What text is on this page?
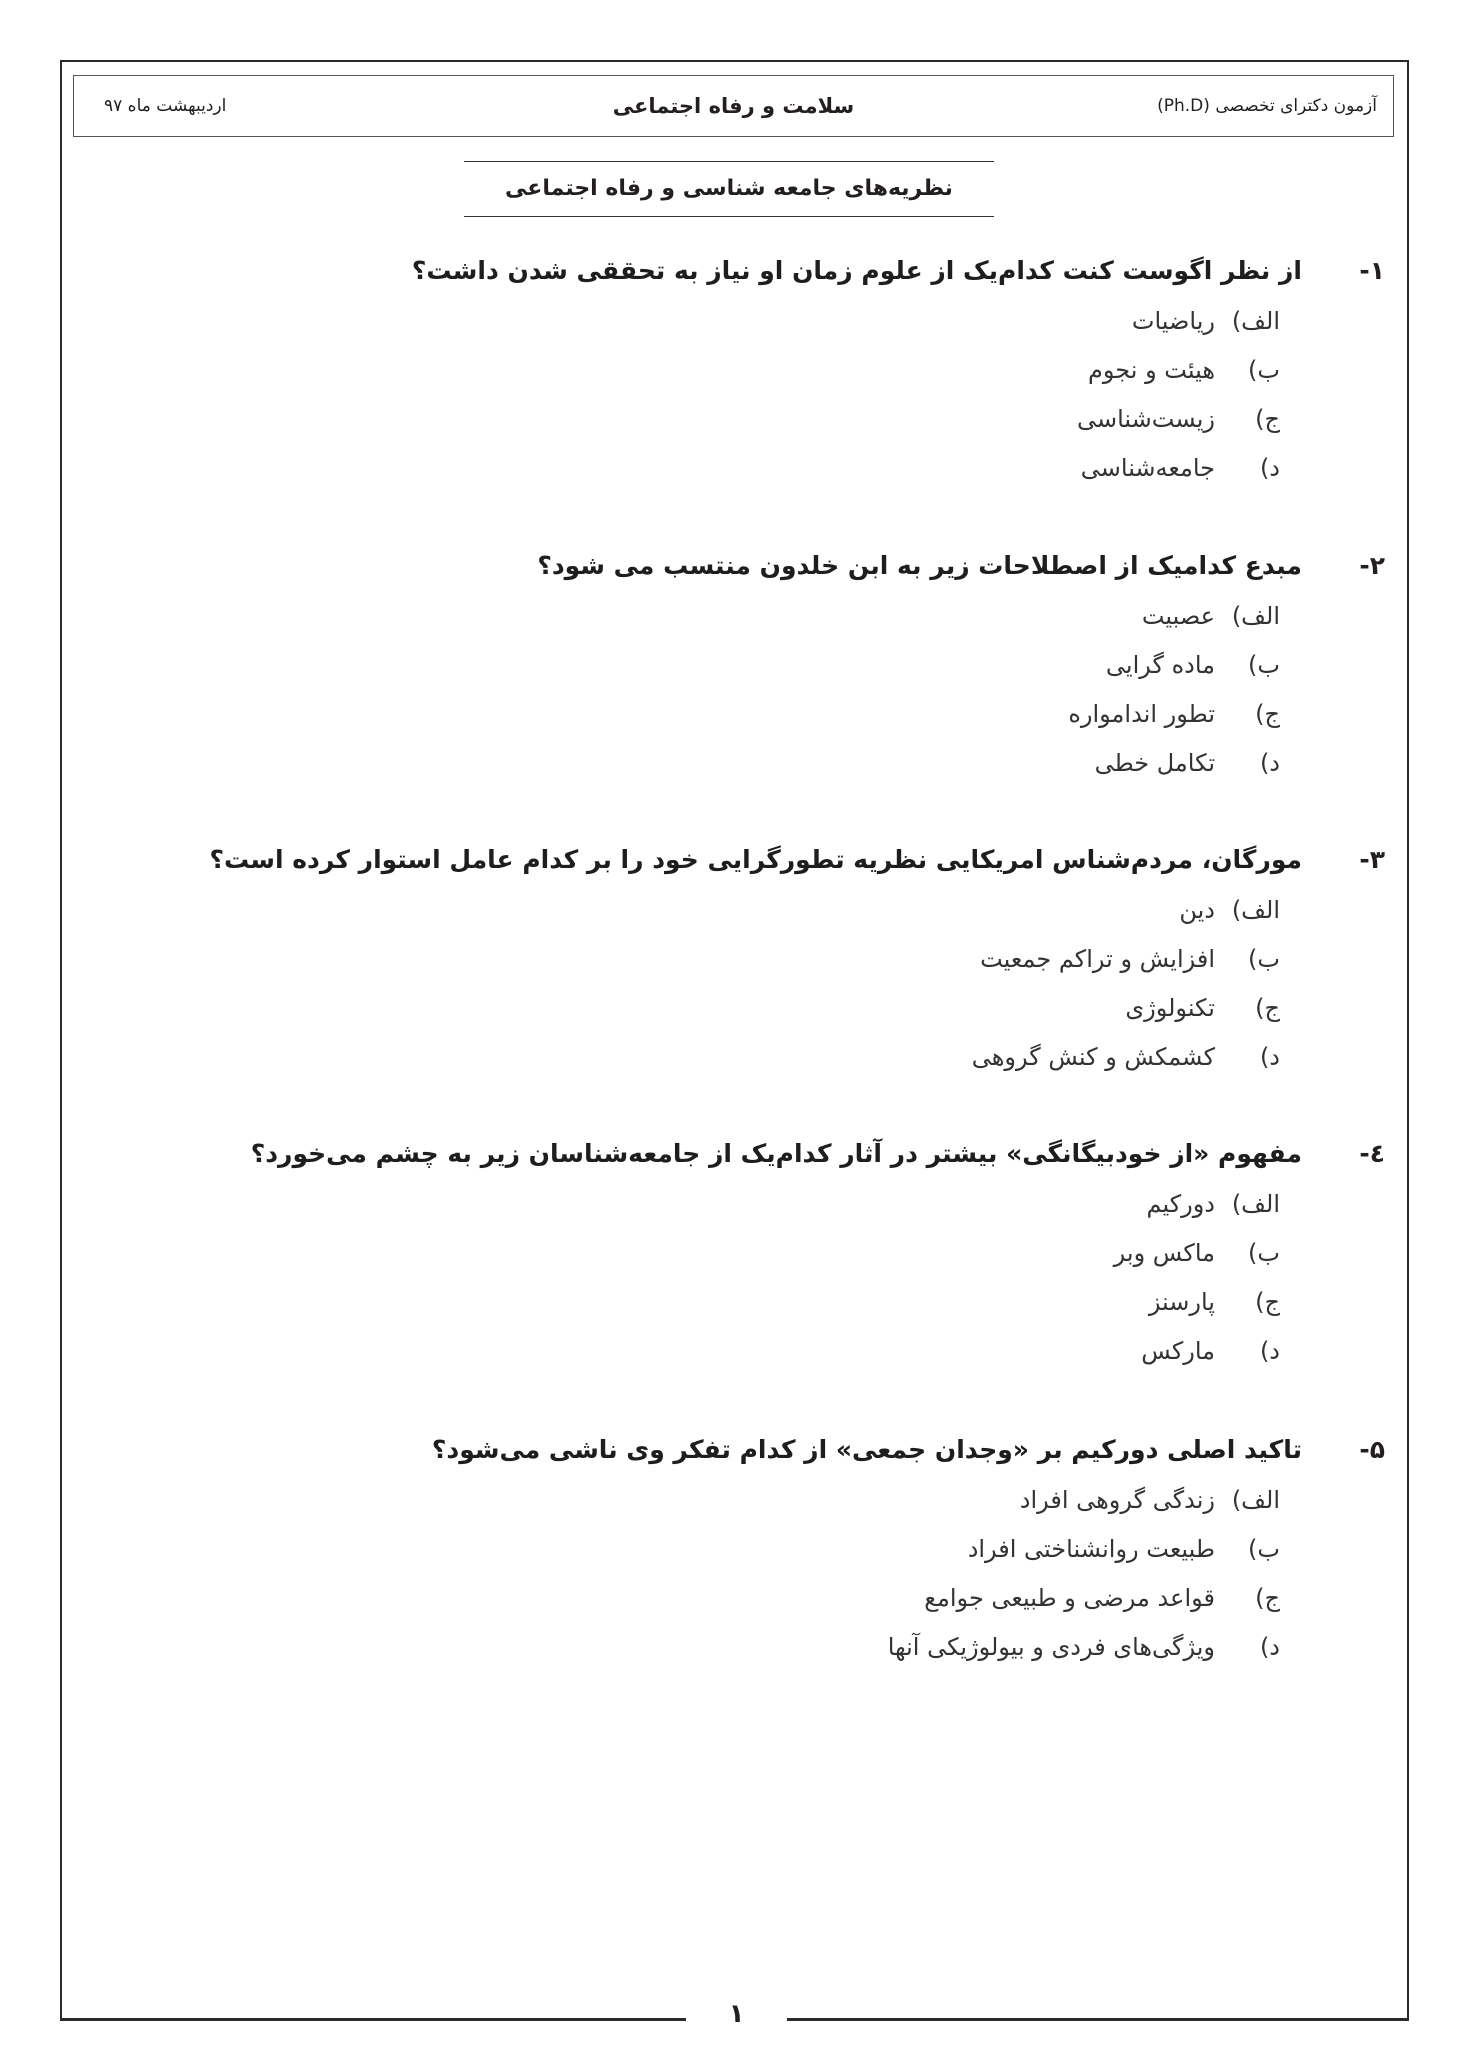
۱
آزمون دکترای تخصصی (Ph.D)
سلامت و رفاه اجتماعی
اردیبهشت ماه ۹۷
نظریه‌های جامعه شناسی و رفاه اجتماعی
۱-
از نظر اگوست کنت کدام‌یک از علوم زمان او نیاز به تحققی شدن داشت؟
الف)
ریاضیات
ب)
هیئت و نجوم
ج)
زیست‌شناسی
د)
جامعه‌شناسی
۲-
مبدع کدامیک از اصطلاحات زیر به ابن خلدون منتسب می شود؟
الف)
عصبیت
ب)
ماده گرایی
ج)
تطور اندامواره
د)
تکامل خطی
۳-
مورگان، مردم‌شناس امریکایی نظریه تطورگرایی خود را بر کدام عامل استوار کرده است؟
الف)
دین
ب)
افزایش و تراکم جمعیت
ج)
تکنولوژی
د)
کشمکش و کنش گروهی
٤-
مفهوم «از خودبیگانگی» بیشتر در آثار کدام‌یک از جامعه‌شناسان زیر به چشم می‌خورد؟
الف)
دورکیم
ب)
ماکس وبر
ج)
پارسنز
د)
مارکس
۵-
تاکید اصلی دورکیم بر «وجدان جمعی» از کدام تفکر وی ناشی می‌شود؟
الف)
زندگی گروهی افراد
ب)
طبیعت روانشناختی افراد
ج)
قواعد مرضی و طبیعی جوامع
د)
ویژگی‌های فردی و بیولوژیکی آنها
